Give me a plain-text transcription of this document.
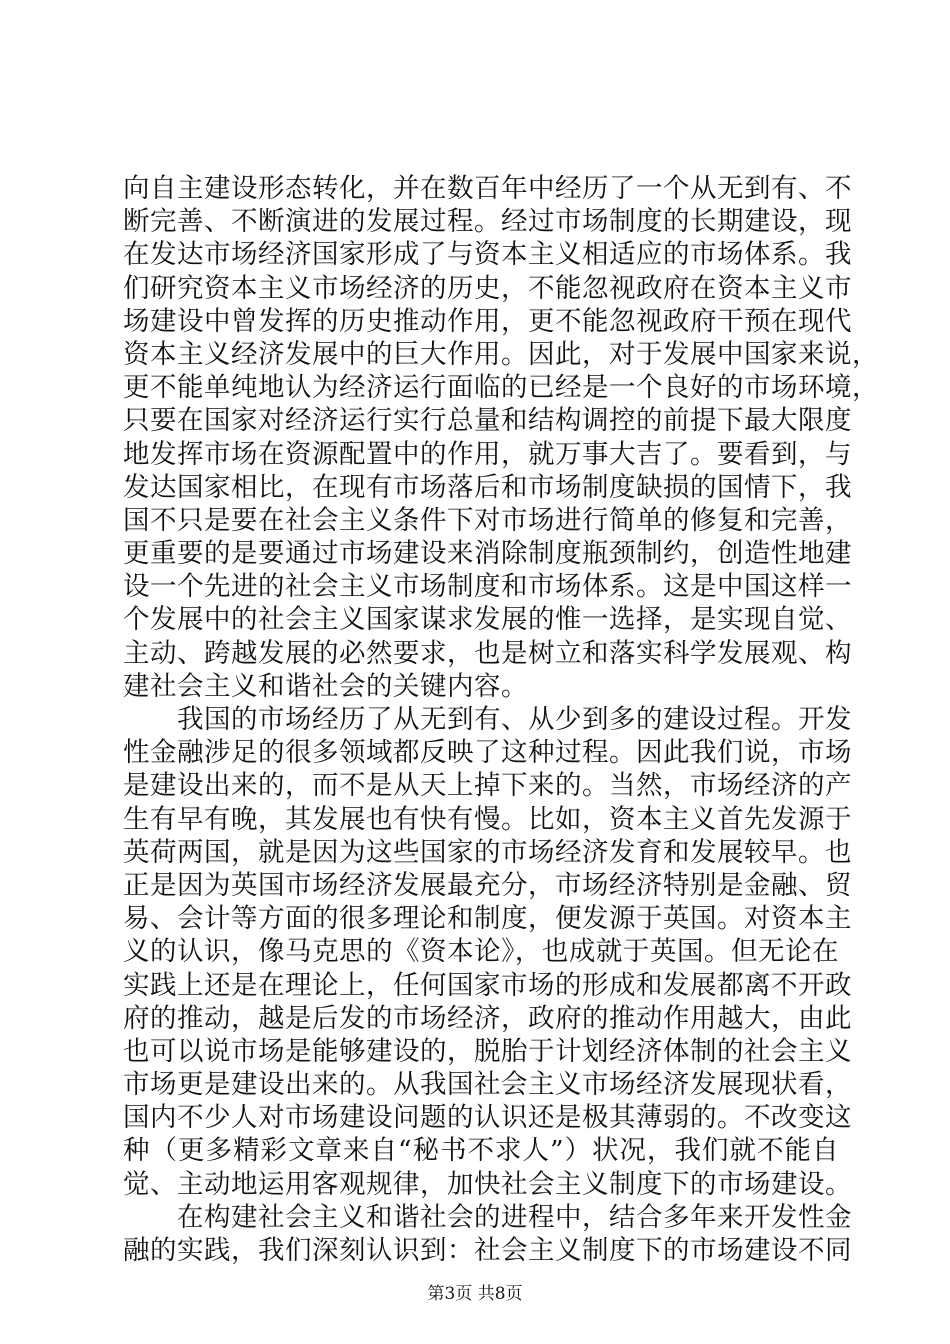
向自主建设形态转化，并在数百年中经历了一个从无到有、不
断完善、不断演进的发展过程。经过市场制度的长期建设，现
在发达市场经济国家形成了与资本主义相适应的市场体系。我
们研究资本主义市场经济的历史，不能忽视政府在资本主义市
场建设中曾发挥的历史推动作用，更不能忽视政府干预在现代
资本主义经济发展中的巨大作用。因此，对于发展中国家来说，
更不能单纯地认为经济运行面临的已经是一个良好的市场环境，
只要在国家对经济运行实行总量和结构调控的前提下最大限度
地发挥市场在资源配置中的作用，就万事大吉了。要看到，与
发达国家相比，在现有市场落后和市场制度缺损的国情下，我
国不只是要在社会主义条件下对市场进行简单的修复和完善，
更重要的是要通过市场建设来消除制度瓶颈制约，创造性地建
设一个先进的社会主义市场制度和市场体系。这是中国这样一
个发展中的社会主义国家谋求发展的惟一选择，是实现自觉、
主动、跨越发展的必然要求，也是树立和落实科学发展观、构
建社会主义和谐社会的关键内容。
　　我国的市场经历了从无到有、从少到多的建设过程。开发
性金融涉足的很多领域都反映了这种过程。因此我们说，市场
是建设出来的，而不是从天上掉下来的。当然，市场经济的产
生有早有晚，其发展也有快有慢。比如，资本主义首先发源于
英荷两国，就是因为这些国家的市场经济发育和发展较早。也
正是因为英国市场经济发展最充分，市场经济特别是金融、贸
易、会计等方面的很多理论和制度，便发源于英国。对资本主
义的认识，像马克思的《资本论》，也成就于英国。但无论在
实践上还是在理论上，任何国家市场的形成和发展都离不开政
府的推动，越是后发的市场经济，政府的推动作用越大，由此
也可以说市场是能够建设的，脱胎于计划经济体制的社会主义
市场更是建设出来的。从我国社会主义市场经济发展现状看，
国内不少人对市场建设问题的认识还是极其薄弱的。不改变这
种（更多精彩文章来自“秘书不求人”）状况，我们就不能自
觉、主动地运用客观规律，加快社会主义制度下的市场建设。
　　在构建社会主义和谐社会的进程中，结合多年来开发性金
融的实践，我们深刻认识到：社会主义制度下的市场建设不同
第3页 共8页
